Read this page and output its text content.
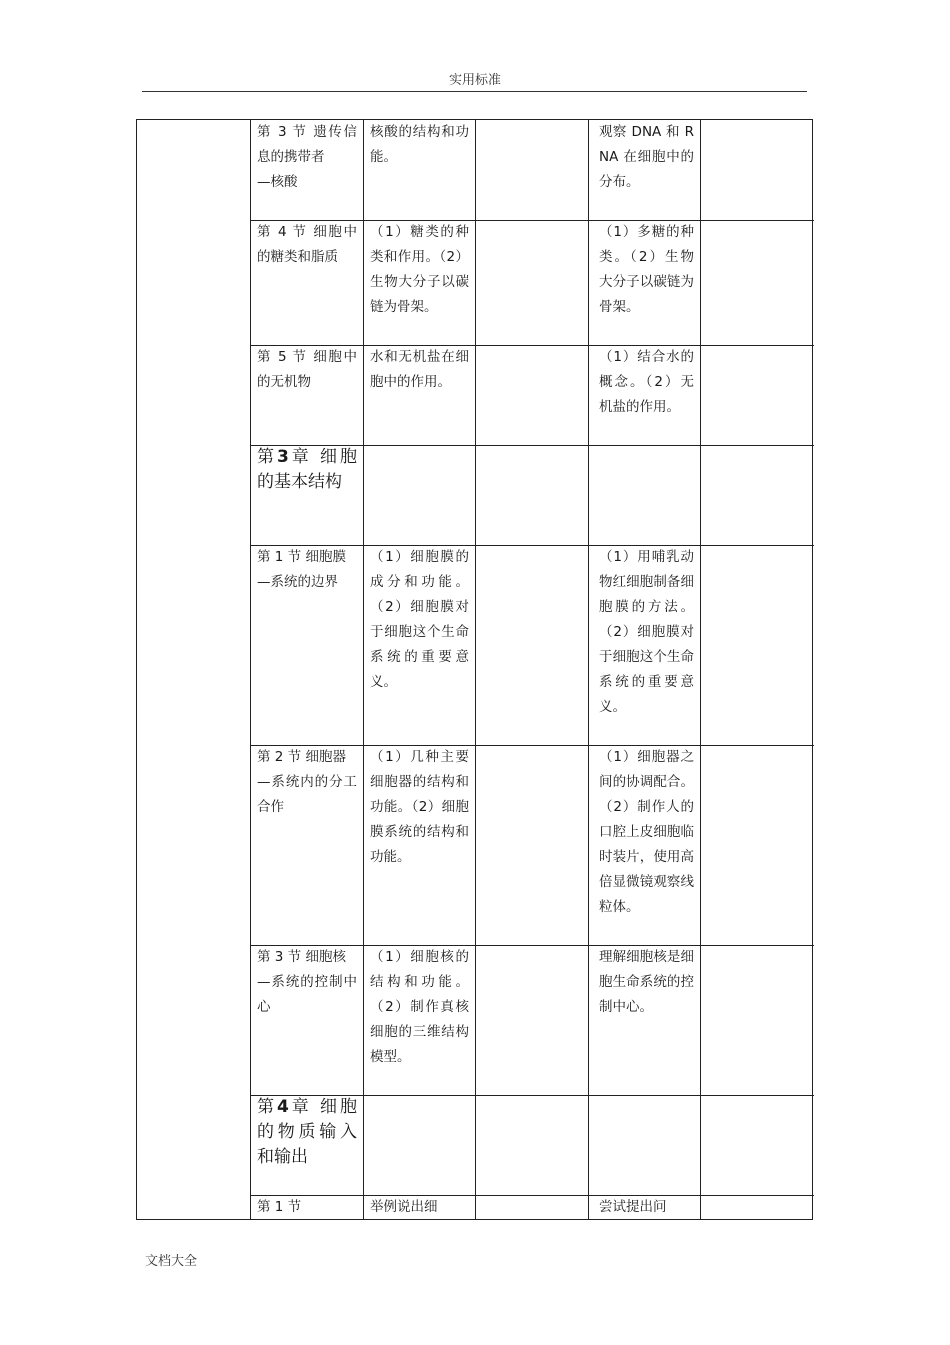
实用标准
第 3 节 遗传信息的携带者
—核酸
核酸的结构和功能。
观察 DNA 和 RNA 在细胞中的分布。
第 4 节 细胞中的糖类和脂质
（1）糖类的种类和作用。（2）生物大分子以碳链为骨架。
（1）多糖的种类。（2）生物大分子以碳链为骨架。
第 5 节 细胞中的无机物
水和无机盐在细胞中的作用。
（1）结合水的概念。（2）无机盐的作用。
第3章 细胞的基本结构
第 1 节 细胞膜
—系统的边界
（1）细胞膜的成分和功能。（2）细胞膜对于细胞这个生命系统的重要意义。
（1）用哺乳动物红细胞制备细胞膜的方法。（2）细胞膜对于细胞这个生命系统的重要意义。
第 2 节 细胞器
—系统内的分工合作
（1）几种主要细胞器的结构和功能。（2）细胞膜系统的结构和功能。
（1）细胞器之间的协调配合。（2）制作人的口腔上皮细胞临时装片，使用高倍显微镜观察线粒体。
第 3 节 细胞核
—系统的控制中心
（1）细胞核的结构和功能。（2）制作真核细胞的三维结构模型。
理解细胞核是细胞生命系统的控制中心。
第4章 细胞的物质输入和输出
第 1 节	举例说出细	尝试提出问
文档大全
